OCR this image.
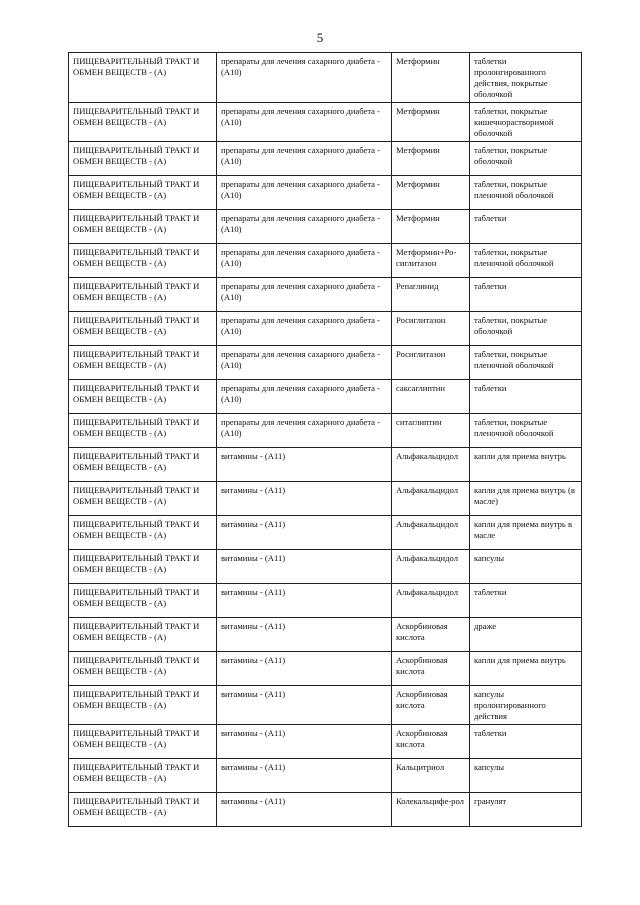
5
ПИЩЕВАРИТЕЛЬНЫЙ ТРАКТ И ОБМЕН ВЕЩЕСТВ - (А)	препараты для лечения сахарного диабета - (А10)	Метформин	таблетки пролонгированного действия, покрытые оболочкой
ПИЩЕВАРИТЕЛЬНЫЙ ТРАКТ И ОБМЕН ВЕЩЕСТВ - (А)	препараты для лечения сахарного диабета - (А10)	Метформин	таблетки, покрытые кишечнорастворимой оболочкой
ПИЩЕВАРИТЕЛЬНЫЙ ТРАКТ И ОБМЕН ВЕЩЕСТВ - (А)	препараты для лечения сахарного диабета - (А10)	Метформин	таблетки, покрытые оболочкой
ПИЩЕВАРИТЕЛЬНЫЙ ТРАКТ И ОБМЕН ВЕЩЕСТВ - (А)	препараты для лечения сахарного диабета - (А10)	Метформин	таблетки, покрытые пленочной оболочкой
ПИЩЕВАРИТЕЛЬНЫЙ ТРАКТ И ОБМЕН ВЕЩЕСТВ - (А)	препараты для лечения сахарного диабета - (А10)	Метформин	таблетки
ПИЩЕВАРИТЕЛЬНЫЙ ТРАКТ И ОБМЕН ВЕЩЕСТВ - (А)	препараты для лечения сахарного диабета - (А10)	Метформин+Ро-сиглитазон	таблетки, покрытые пленочной оболочкой
ПИЩЕВАРИТЕЛЬНЫЙ ТРАКТ И ОБМЕН ВЕЩЕСТВ - (А)	препараты для лечения сахарного диабета - (А10)	Репаглинид	таблетки
ПИЩЕВАРИТЕЛЬНЫЙ ТРАКТ И ОБМЕН ВЕЩЕСТВ - (А)	препараты для лечения сахарного диабета - (А10)	Росиглитазон	таблетки, покрытые оболочкой
ПИЩЕВАРИТЕЛЬНЫЙ ТРАКТ И ОБМЕН ВЕЩЕСТВ - (А)	препараты для лечения сахарного диабета - (А10)	Росиглитазон	таблетки, покрытые пленочной оболочкой
ПИЩЕВАРИТЕЛЬНЫЙ ТРАКТ И ОБМЕН ВЕЩЕСТВ - (А)	препараты для лечения сахарного диабета - (А10)	саксаглиптин	таблетки
ПИЩЕВАРИТЕЛЬНЫЙ ТРАКТ И ОБМЕН ВЕЩЕСТВ - (А)	препараты для лечения сахарного диабета - (А10)	ситаглиптин	таблетки, покрытые пленочной оболочкой
ПИЩЕВАРИТЕЛЬНЫЙ ТРАКТ И ОБМЕН ВЕЩЕСТВ - (А)	витамины - (А11)	Альфакальцидол	капли для приема внутрь
ПИЩЕВАРИТЕЛЬНЫЙ ТРАКТ И ОБМЕН ВЕЩЕСТВ - (А)	витамины - (А11)	Альфакальцидол	капли для приема внутрь (в масле)
ПИЩЕВАРИТЕЛЬНЫЙ ТРАКТ И ОБМЕН ВЕЩЕСТВ - (А)	витамины - (А11)	Альфакальцидол	капли для приема внутрь в масле
ПИЩЕВАРИТЕЛЬНЫЙ ТРАКТ И ОБМЕН ВЕЩЕСТВ - (А)	витамины - (А11)	Альфакальцидол	капсулы
ПИЩЕВАРИТЕЛЬНЫЙ ТРАКТ И ОБМЕН ВЕЩЕСТВ - (А)	витамины - (А11)	Альфакальцидол	таблетки
ПИЩЕВАРИТЕЛЬНЫЙ ТРАКТ И ОБМЕН ВЕЩЕСТВ - (А)	витамины - (А11)	Аскорбиновая кислота	драже
ПИЩЕВАРИТЕЛЬНЫЙ ТРАКТ И ОБМЕН ВЕЩЕСТВ - (А)	витамины - (А11)	Аскорбиновая кислота	капли для приема внутрь
ПИЩЕВАРИТЕЛЬНЫЙ ТРАКТ И ОБМЕН ВЕЩЕСТВ - (А)	витамины - (А11)	Аскорбиновая кислота	капсулы пролонгированного действия
ПИЩЕВАРИТЕЛЬНЫЙ ТРАКТ И ОБМЕН ВЕЩЕСТВ - (А)	витамины - (А11)	Аскорбиновая кислота	таблетки
ПИЩЕВАРИТЕЛЬНЫЙ ТРАКТ И ОБМЕН ВЕЩЕСТВ - (А)	витамины - (А11)	Кальцитриол	капсулы
ПИЩЕВАРИТЕЛЬНЫЙ ТРАКТ И ОБМЕН ВЕЩЕСТВ - (А)	витамины - (А11)	Колекальцифе-рол	гранулят
